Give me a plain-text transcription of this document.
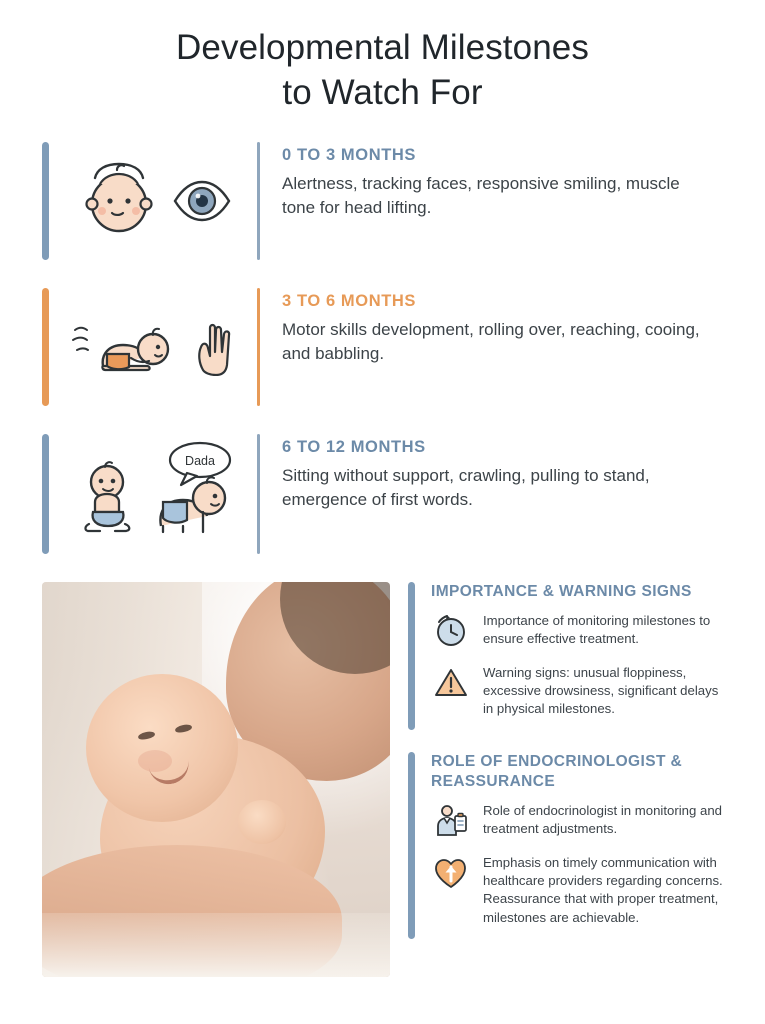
Developmental Milestones
to Watch For
0 TO 3 MONTHS
Alertness, tracking faces, responsive smiling, muscle tone for head lifting.
3 TO 6 MONTHS
Motor skills development, rolling over, reaching, cooing, and babbling.
Dada
6 TO 12 MONTHS
Sitting without support, crawling, pulling to stand, emergence of first words.
IMPORTANCE & WARNING SIGNS
Importance of monitoring milestones to ensure effective treatment.
Warning signs: unusual floppiness, excessive drowsiness, significant delays in physical milestones.
ROLE OF ENDOCRINOLOGIST & REASSURANCE
Role of endocrinologist in monitoring and treatment adjustments.
Emphasis on timely communication with healthcare providers regarding concerns. Reassurance that with proper treatment, milestones are achievable.
